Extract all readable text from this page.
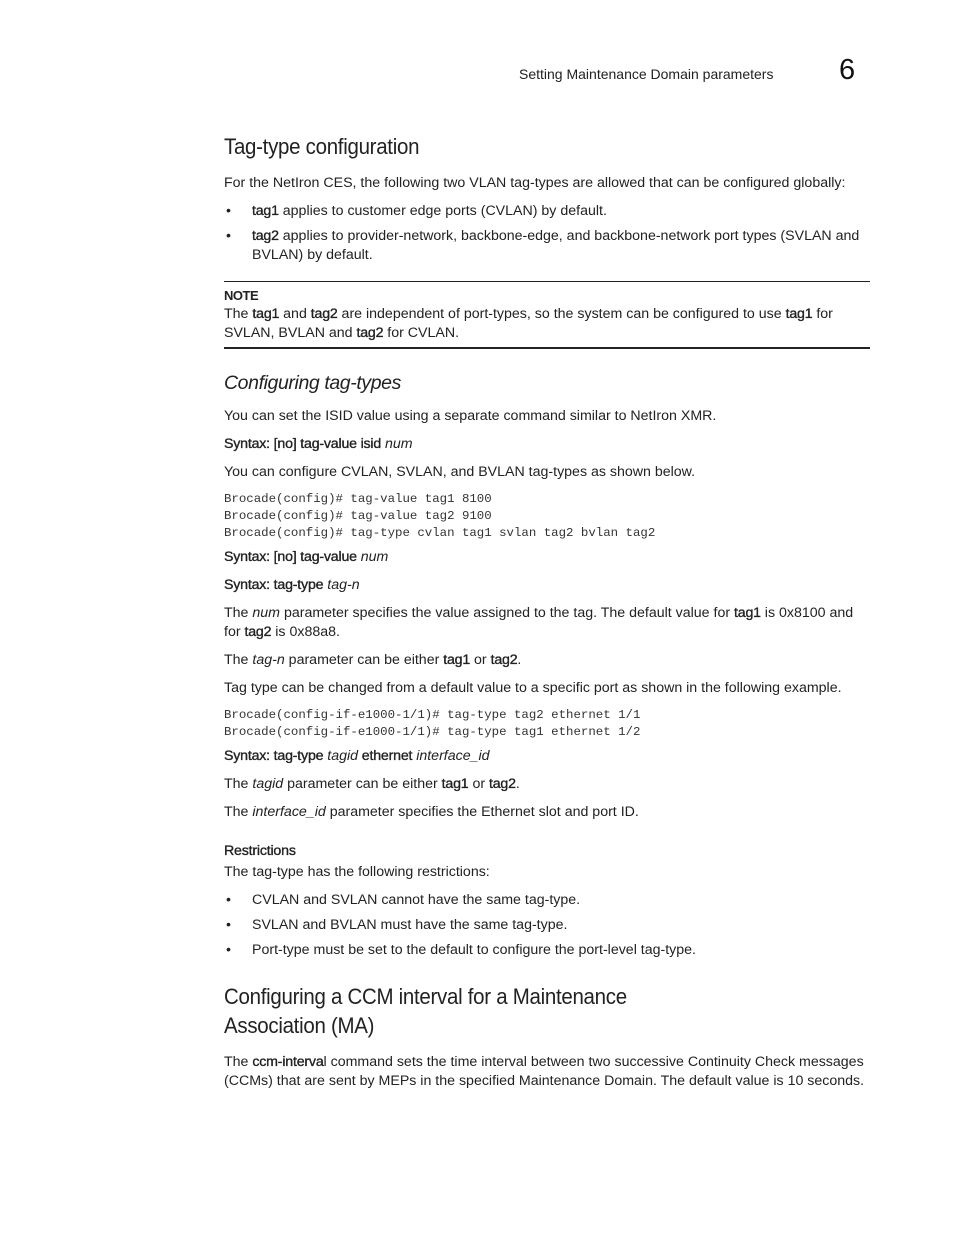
Setting Maintenance Domain parameters 6
Tag-type configuration

For the NetIron CES, the following two VLAN tag-types are allowed that can be configured globally:

• tag1 applies to customer edge ports (CVLAN) by default.
• tag2 applies to provider-network, backbone-edge, and backbone-network port types (SVLAN and BVLAN) by default.
NOTE
The tag1 and tag2 are independent of port-types, so the system can be configured to use tag1 for SVLAN, BVLAN and tag2 for CVLAN.
Configuring tag-types

You can set the ISID value using a separate command similar to NetIron XMR.

Syntax: [no] tag-value isid num

You can configure CVLAN, SVLAN, and BVLAN tag-types as shown below.

Brocade(config)# tag-value tag1 8100
Brocade(config)# tag-value tag2 9100
Brocade(config)# tag-type cvlan tag1 svlan tag2 bvlan tag2

Syntax: [no] tag-value num

Syntax: tag-type tag-n

The num parameter specifies the value assigned to the tag. The default value for tag1 is 0x8100 and for tag2 is 0x88a8.

The tag-n parameter can be either tag1 or tag2.

Tag type can be changed from a default value to a specific port as shown in the following example.

Brocade(config-if-e1000-1/1)# tag-type tag2 ethernet 1/1
Brocade(config-if-e1000-1/1)# tag-type tag1 ethernet 1/2

Syntax: tag-type tagid ethernet interface_id

The tagid parameter can be either tag1 or tag2.

The interface_id parameter specifies the Ethernet slot and port ID.

Restrictions

The tag-type has the following restrictions:

• CVLAN and SVLAN cannot have the same tag-type.
• SVLAN and BVLAN must have the same tag-type.
• Port-type must be set to the default to configure the port-level tag-type.
Configuring a CCM interval for a Maintenance
Association (MA)

The ccm-interval command sets the time interval between two successive Continuity Check messages (CCMs) that are sent by MEPs in the specified Maintenance Domain. The default value is 10 seconds.
